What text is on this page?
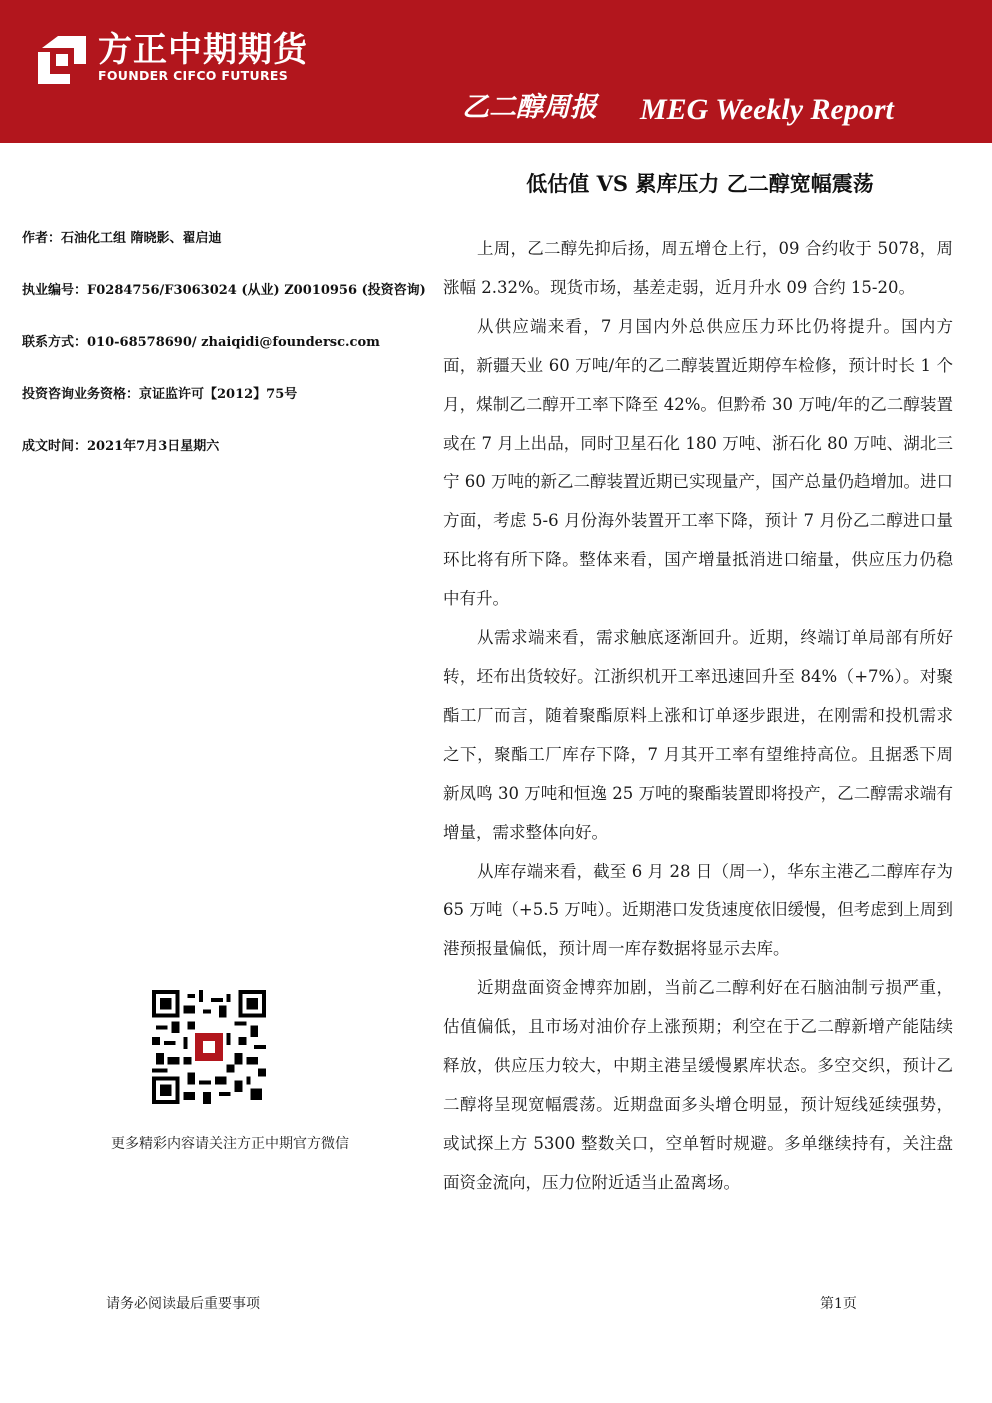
方正中期期货
FOUNDER CIFCO FUTURES
乙二醇周报 MEG Weekly Report
低估值 VS 累库压力 乙二醇宽幅震荡
作者：石油化工组 隋晓影、翟启迪
执业编号：F0284756/F3063024 (从业) Z0010956 (投资咨询)
联系方式：010-68578690/ zhaiqidi@foundersc.com
投资咨询业务资格：京证监许可【2012】75号
成文时间：2021年7月3日星期六

上周，乙二醇先抑后扬，周五增仓上行，09 合约收于 5078，周涨幅 2.32%。现货市场，基差走弱，近月升水 09 合约 15-20。

从供应端来看，7 月国内外总供应压力环比仍将提升。国内方面，新疆天业 60 万吨/年的乙二醇装置近期停车检修，预计时长 1 个月，煤制乙二醇开工率下降至 42%。但黔希 30 万吨/年的乙二醇装置或在 7 月上出品，同时卫星石化 180 万吨、浙石化 80 万吨、湖北三宁 60 万吨的新乙二醇装置近期已实现量产，国产总量仍趋增加。进口方面，考虑 5-6 月份海外装置开工率下降，预计 7 月份乙二醇进口量环比将有所下降。整体来看，国产增量抵消进口缩量，供应压力仍稳中有升。

从需求端来看，需求触底逐渐回升。近期，终端订单局部有所好转，坯布出货较好。江浙织机开工率迅速回升至 84%（+7%）。对聚酯工厂而言，随着聚酯原料上涨和订单逐步跟进，在刚需和投机需求之下，聚酯工厂库存下降，7 月其开工率有望维持高位。且据悉下周新凤鸣 30 万吨和恒逸 25 万吨的聚酯装置即将投产，乙二醇需求端有增量，需求整体向好。

从库存端来看，截至 6 月 28 日（周一），华东主港乙二醇库存为 65 万吨（+5.5 万吨）。近期港口发货速度依旧缓慢，但考虑到上周到港预报量偏低，预计周一库存数据将显示去库。

近期盘面资金博弈加剧，当前乙二醇利好在石脑油制亏损严重，估值偏低，且市场对油价存上涨预期；利空在于乙二醇新增产能陆续释放，供应压力较大，中期主港呈缓慢累库状态。多空交织，预计乙二醇将呈现宽幅震荡。近期盘面多头增仓明显，预计短线延续强势，或试探上方 5300 整数关口，空单暂时规避。多单继续持有，关注盘面资金流向，压力位附近适当止盈离场。

更多精彩内容请关注方正中期官方微信
请务必阅读最后重要事项	第1页
